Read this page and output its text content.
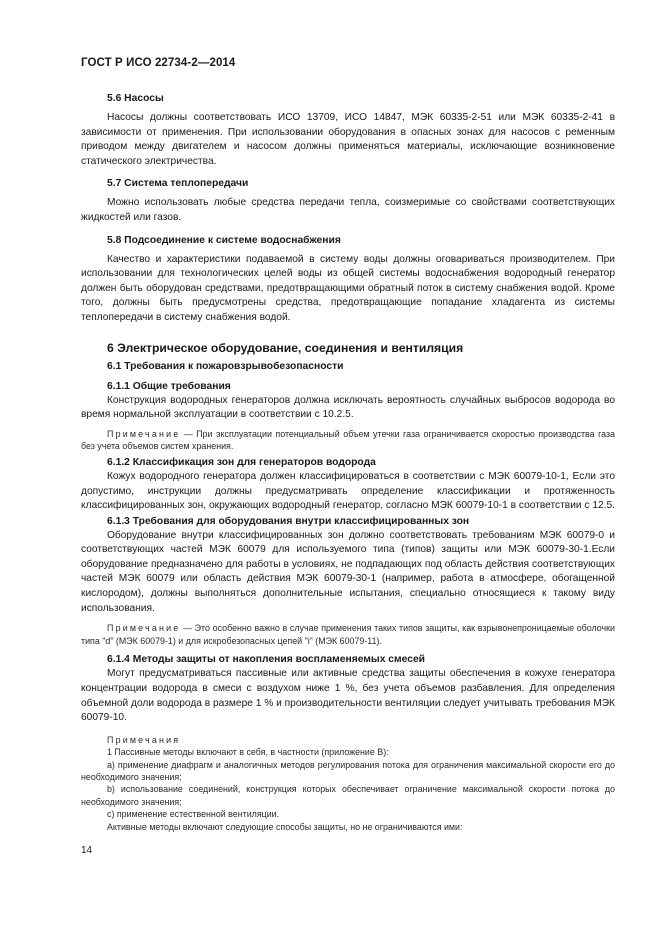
ГОСТ Р ИСО 22734-2—2014

5.6 Насосы

Насосы должны соответствовать ИСО 13709, ИСО 14847, МЭК 60335-2-51 или МЭК 60335-2-41 в зависимости от применения. При использовании оборудования в опасных зонах для насосов с ременным приводом между двигателем и насосом должны применяться материалы, исключающие возникновение статического электричества.

5.7 Система теплопередачи

Можно использовать любые средства передачи тепла, соизмеримые со свойствами соответствующих жидкостей или газов.

5.8 Подсоединение к системе водоснабжения

Качество и характеристики подаваемой в систему воды должны оговариваться производителем. При использовании для технологических целей воды из общей системы водоснабжения водородный генератор должен быть оборудован средствами, предотвращающими обратный поток в систему снабжения водой. Кроме того, должны быть предусмотрены средства, предотвращающие попадание хладагента из системы теплопередачи в систему снабжения водой.

6 Электрическое оборудование, соединения и вентиляция

6.1 Требования к пожаровзрывобезопасности

6.1.1 Общие требования

Конструкция водородных генераторов должна исключать вероятность случайных выбросов водорода во время нормальной эксплуатации в соответствии с 10.2.5.

Примечание — При эксплуатации потенциальный объем утечки газа ограничивается скоростью производства газа без учета объемов систем хранения.

6.1.2 Классификация зон для генераторов водорода

Кожух водородного генератора должен классифицироваться в соответствии с МЭК 60079-10-1, Если это допустимо, инструкции должны предусматривать определение классификации и протяженность классифицированных зон, окружающих водородный генератор, согласно МЭК 60079-10-1 в соответствии с 12.5.

6.1.3 Требования для оборудования внутри классифицированных зон

Оборудование внутри классифицированных зон должно соответствовать требованиям МЭК 60079-0 и соответствующих частей МЭК 60079 для используемого типа (типов) защиты или МЭК 60079-30-1.Если оборудование предназначено для работы в условиях, не подпадающих под область действия соответствующих частей МЭК 60079 или область действия МЭК 60079-30-1 (например, работа в атмосфере, обогащенной кислородом), должны выполняться дополнительные испытания, специально относящиеся к такому виду использования.

Примечание — Это особенно важно в случае применения таких типов защиты, как взрывонепроницаемые оболочки типа "d" (МЭК 60079-1) и для искробезопасных цепей "i" (МЭК 60079-11).

6.1.4 Методы защиты от накопления воспламеняемых смесей

Могут предусматриваться пассивные или активные средства защиты обеспечения в кожухе генератора концентрации водорода в смеси с воздухом ниже 1 %, без учета объемов разбавления. Для определения объемной доли водорода в размере 1 % и производительности вентиляции следует учитывать требования МЭК 60079-10.

Примечания

1 Пассивные методы включают в себя, в частности (приложение В):

a) применение диафрагм и аналогичных методов регулирования потока для ограничения максимальной скорости его до необходимого значения;

b) использование соединений, конструкция которых обеспечивает ограничение максимальной скорости потока до необходимого значения;

c) применение естественной вентиляции.

Активные методы включают следующие способы защиты, но не ограничиваются ими:

14
